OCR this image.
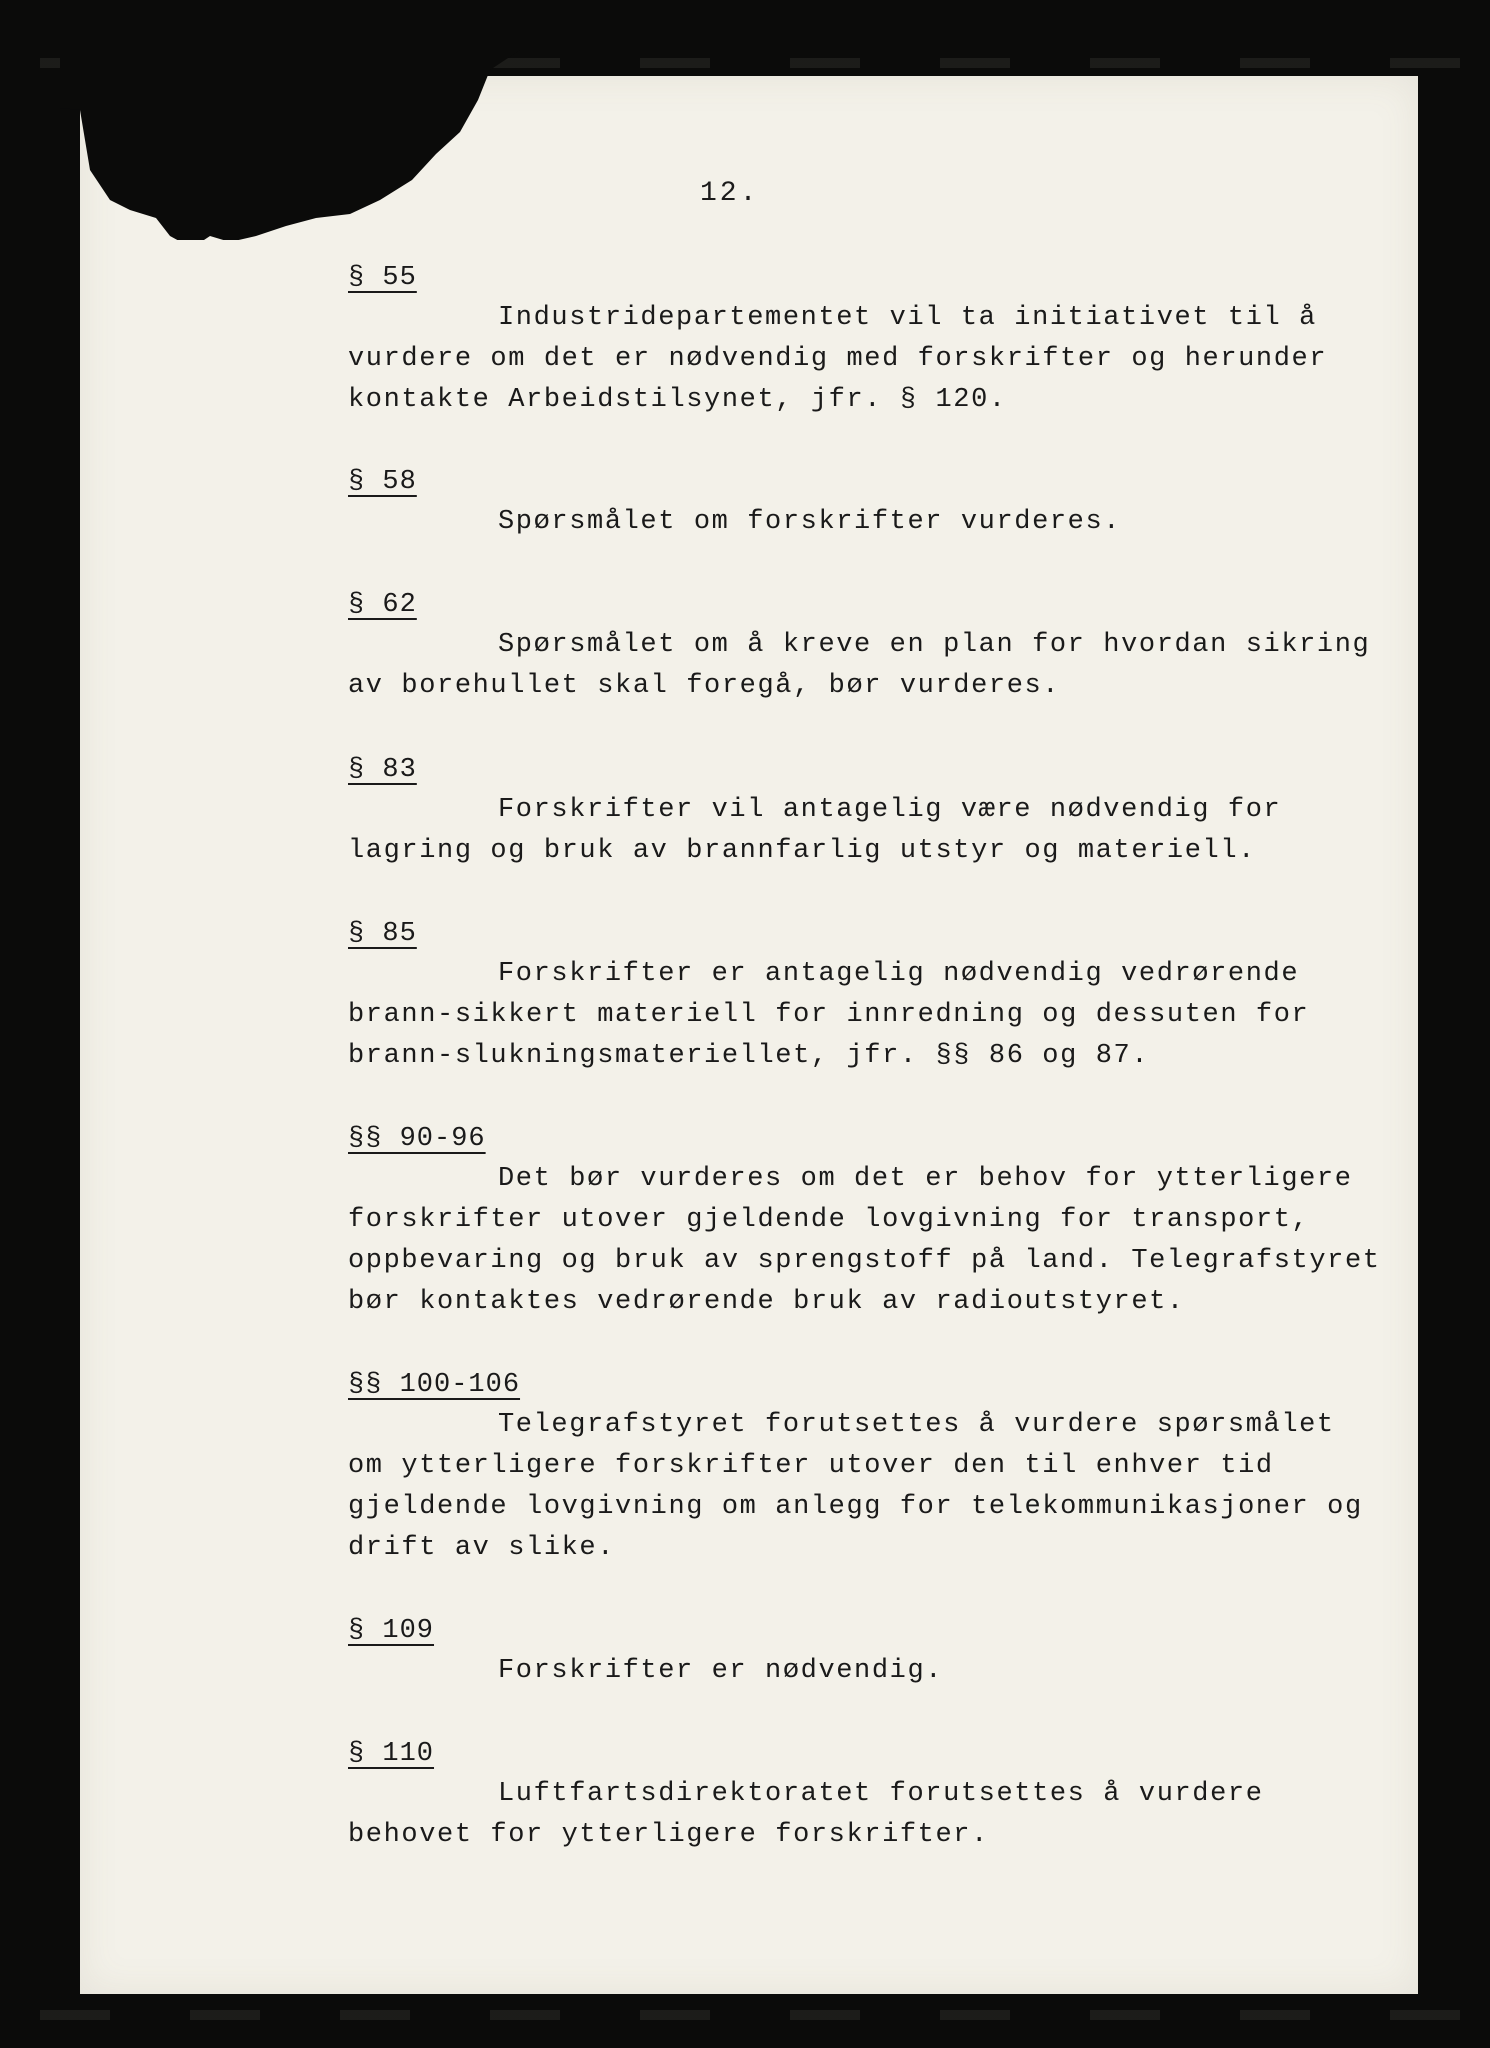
12.

§ 55

Industridepartementet vil ta initiativet til å vurdere om det er nødvendig med forskrifter og herunder kontakte Arbeidstilsynet, jfr. § 120.

§ 58

Spørsmålet om forskrifter vurderes.

§ 62

Spørsmålet om å kreve en plan for hvordan sikring av borehullet skal foregå, bør vurderes.

§ 83

Forskrifter vil antagelig være nødvendig for lagring og bruk av brannfarlig utstyr og materiell.

§ 85

Forskrifter er antagelig nødvendig vedrørende brann-sikkert materiell for innredning og dessuten for brann-slukningsmateriellet, jfr. §§ 86 og 87.

§§ 90-96

Det bør vurderes om det er behov for ytterligere forskrifter utover gjeldende lovgivning for transport, oppbevaring og bruk av sprengstoff på land. Telegrafstyret bør kontaktes vedrørende bruk av radioutstyret.

§§ 100-106

Telegrafstyret forutsettes å vurdere spørsmålet om ytterligere forskrifter utover den til enhver tid gjeldende lovgivning om anlegg for telekommunikasjoner og drift av slike.

§ 109

Forskrifter er nødvendig.

§ 110

Luftfartsdirektoratet forutsettes å vurdere behovet for ytterligere forskrifter.
